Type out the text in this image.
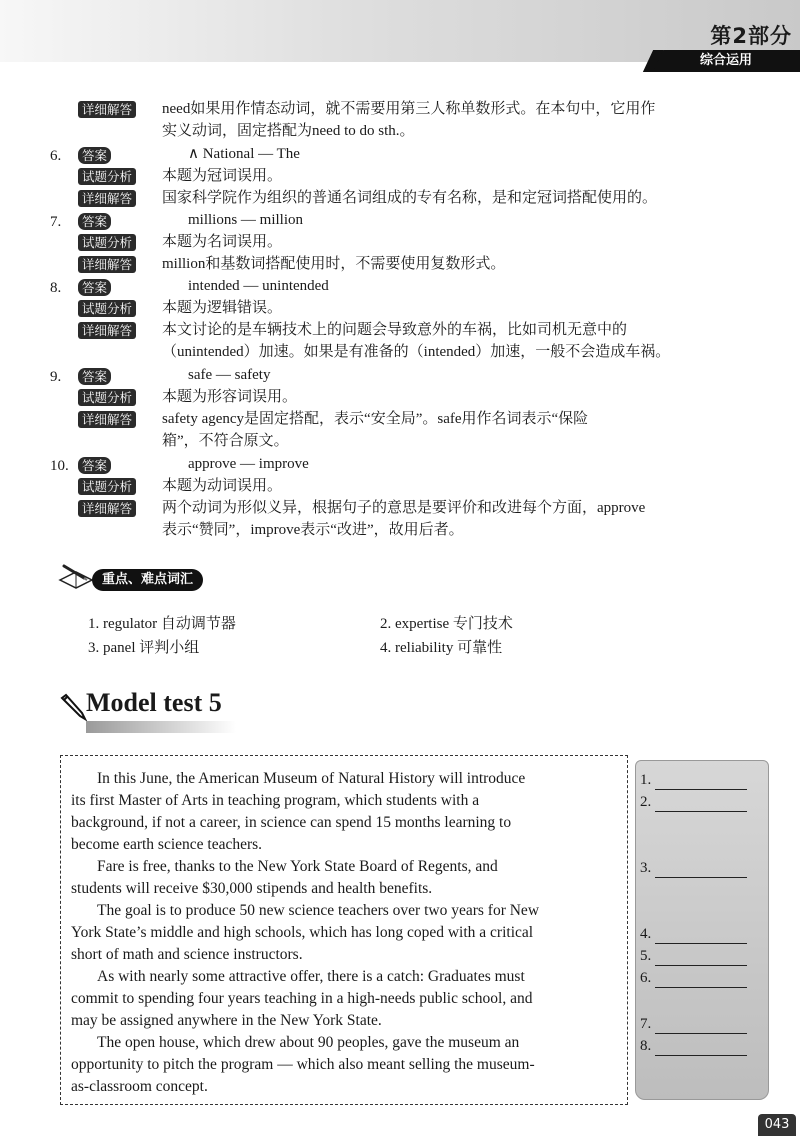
第2部分
综合运用
详细解答 need如果用作情态动词，就不需要用第三人称单数形式。在本句中，它用作
实义动词，固定搭配为need to do sth.。
6.	答案	∧ National — The
试题分析 本题为冠词误用。
详细解答 国家科学院作为组织的普通名词组成的专有名称，是和定冠词搭配使用的。
7.	答案	millions — million
试题分析 本题为名词误用。
详细解答 million和基数词搭配使用时，不需要使用复数形式。
8.	答案	intended — unintended
试题分析 本题为逻辑错误。
详细解答 本文讨论的是车辆技术上的问题会导致意外的车祸，比如司机无意中的
（unintended）加速。如果是有准备的（intended）加速，一般不会造成车祸。
9.	答案	safe — safety
试题分析 本题为形容词误用。
详细解答 safety agency是固定搭配，表示“安全局”。safe用作名词表示“保险
箱”，不符合原文。
10.	答案	approve — improve
试题分析 本题为动词误用。
详细解答 两个动词为形似义异，根据句子的意思是要评价和改进每个方面，approve
表示“赞同”，improve表示“改进”，故用后者。
重点、难点词汇
1. regulator 自动调节器	2. expertise 专门技术
3. panel 评判小组	4. reliability 可靠性
Model test 5
In this June, the American Museum of Natural History will introduce
its first Master of Arts in teaching program, which students with a
background, if not a career, in science can spend 15 months learning to
become earth science teachers.
Fare is free, thanks to the New York State Board of Regents, and
students will receive $30,000 stipends and health benefits.
The goal is to produce 50 new science teachers over two years for New
York State’s middle and high schools, which has long coped with a critical
short of math and science instructors.
As with nearly some attractive offer, there is a catch: Graduates must
commit to spending four years teaching in a high-needs public school, and
may be assigned anywhere in the New York State.
The open house, which drew about 90 peoples, gave the museum an
opportunity to pitch the program — which also meant selling the museum-
as-classroom concept.
1.
2.
3.
4.
5.
6.
7.
8.
043
